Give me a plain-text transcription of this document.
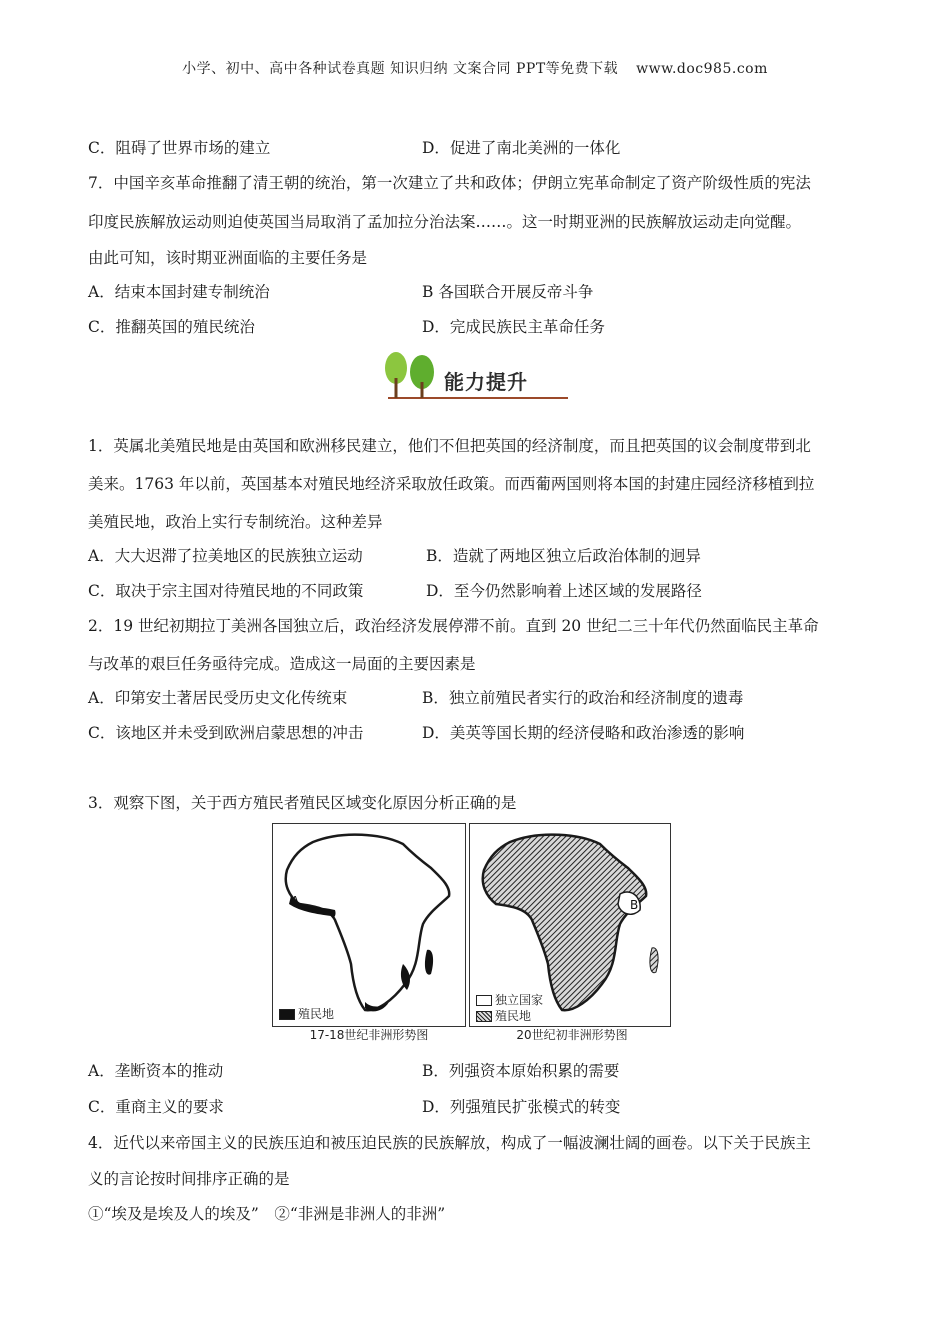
小学、初中、高中各种试卷真题 知识归纳 文案合同 PPT等免费下载 www.doc985.com
C．阻碍了世界市场的建立	D．促进了南北美洲的一体化
7．中国辛亥革命推翻了清王朝的统治，第一次建立了共和政体；伊朗立宪革命制定了资产阶级性质的宪法
印度民族解放运动则迫使英国当局取消了孟加拉分治法案……。这一时期亚洲的民族解放运动走向觉醒。
由此可知，该时期亚洲面临的主要任务是
A．结束本国封建专制统治	B 各国联合开展反帝斗争
C．推翻英国的殖民统治	D．完成民族民主革命任务
能力提升
1．英属北美殖民地是由英国和欧洲移民建立，他们不但把英国的经济制度，而且把英国的议会制度带到北
美来。1763 年以前，英国基本对殖民地经济采取放任政策。而西葡两国则将本国的封建庄园经济移植到拉
美殖民地，政治上实行专制统治。这种差异
A．大大迟滞了拉美地区的民族独立运动	B．造就了两地区独立后政治体制的迥异
C．取决于宗主国对待殖民地的不同政策	D．至今仍然影响着上述区域的发展路径
2．19 世纪初期拉丁美洲各国独立后，政治经济发展停滞不前。直到 20 世纪二三十年代仍然面临民主革命
与改革的艰巨任务亟待完成。造成这一局面的主要因素是
A．印第安土著居民受历史文化传统束	B．独立前殖民者实行的政治和经济制度的遗毒
C．该地区并未受到欧洲启蒙思想的冲击	D．美英等国长期的经济侵略和政治渗透的影响
3．观察下图，关于西方殖民者殖民区域变化原因分析正确的是
A
殖民地
17-18世纪非洲形势图
B
独立国家
殖民地
20世纪初非洲形势图
A．垄断资本的推动	B．列强资本原始积累的需要
C．重商主义的要求	D．列强殖民扩张模式的转变
4．近代以来帝国主义的民族压迫和被压迫民族的民族解放，构成了一幅波澜壮阔的画卷。以下关于民族主
义的言论按时间排序正确的是
①“埃及是埃及人的埃及”　②“非洲是非洲人的非洲”
